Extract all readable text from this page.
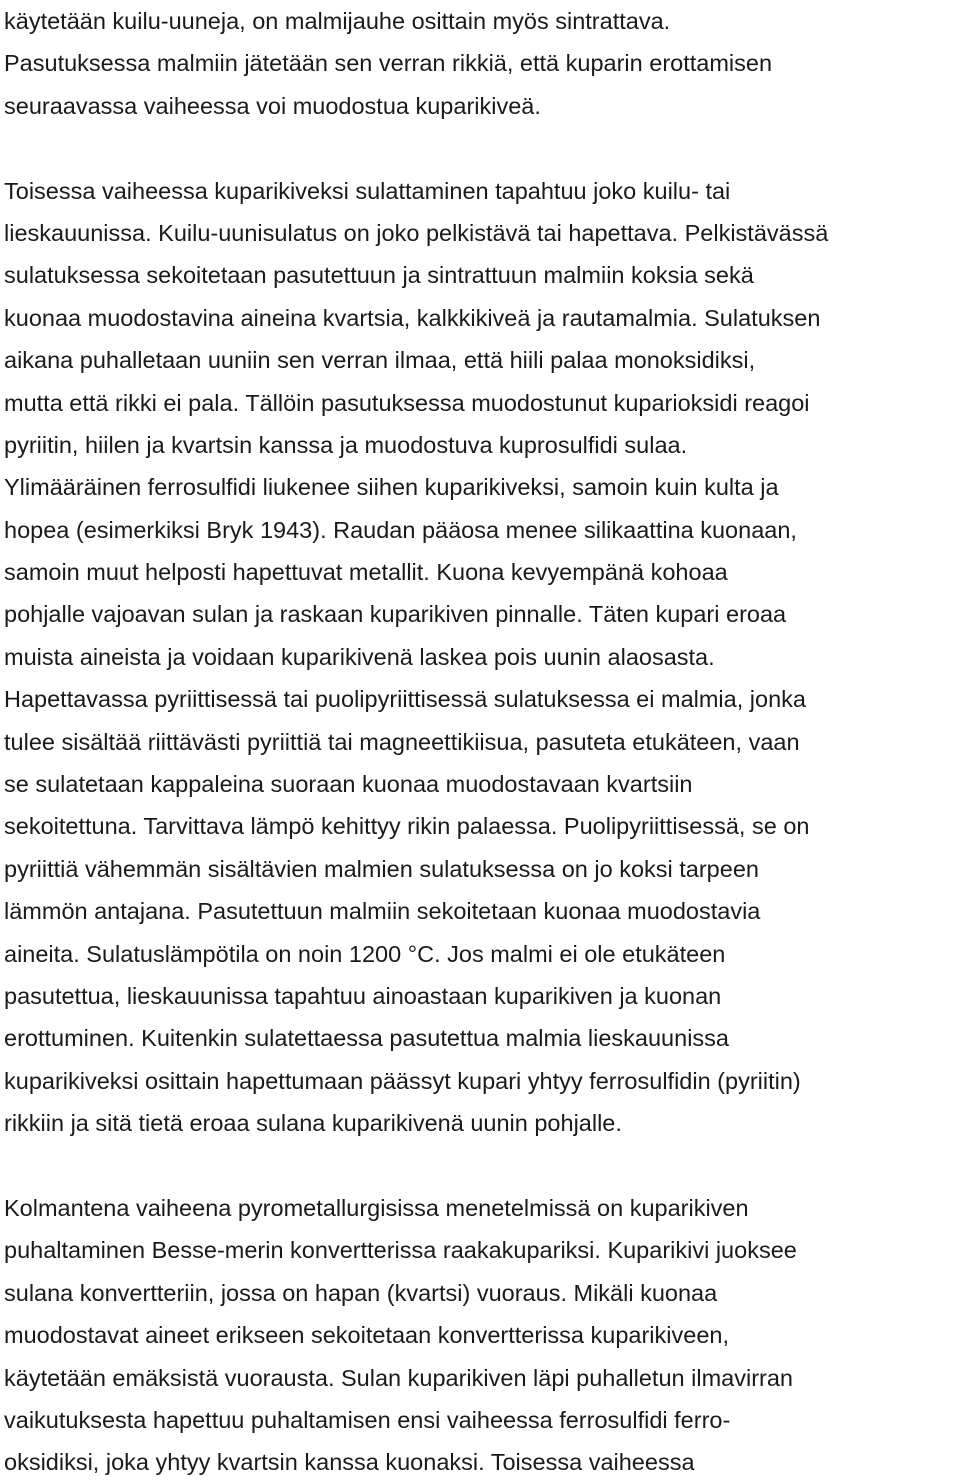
käytetään kuilu-uuneja, on malmijauhe osittain myös sintrattava.
Pasutuksessa malmiin jätetään sen verran rikkiä, että kuparin erottamisen
seuraavassa vaiheessa voi muodostua kuparikiveä.
Toisessa vaiheessa kuparikiveksi sulattaminen tapahtuu joko kuilu- tai
lieskauunissa. Kuilu-uunisulatus on joko pelkistävä tai hapettava. Pelkistävässä
sulatuksessa sekoitetaan pasutettuun ja sintrattuun malmiin koksia sekä
kuonaa muodostavina aineina kvartsia, kalkkikiveä ja rautamalmia. Sulatuksen
aikana puhalletaan uuniin sen verran ilmaa, että hiili palaa monoksidiksi,
mutta että rikki ei pala. Tällöin pasutuksessa muodostunut kuparioksidi reagoi
pyriitin, hiilen ja kvartsin kanssa ja muodostuva kuprosulfidi sulaa.
Ylimääräinen ferrosulfidi liukenee siihen kuparikiveksi, samoin kuin kulta ja
hopea (esimerkiksi Bryk 1943). Raudan pääosa menee silikaattina kuonaan,
samoin muut helposti hapettuvat metallit. Kuona kevyempänä kohoaa
pohjalle vajoavan sulan ja raskaan kuparikiven pinnalle. Täten kupari eroaa
muista aineista ja voidaan kuparikivenä laskea pois uunin alaosasta.
Hapettavassa pyriittisessä tai puolipyriittisessä sulatuksessa ei malmia, jonka
tulee sisältää riittävästi pyriittiä tai magneettikiisua, pasuteta etukäteen, vaan
se sulatetaan kappaleina suoraan kuonaa muodostavaan kvartsiin
sekoitettuna. Tarvittava lämpö kehittyy rikin palaessa. Puolipyriittisessä, se on
pyriittiä vähemmän sisältävien malmien sulatuksessa on jo koksi tarpeen
lämmön antajana. Pasutettuun malmiin sekoitetaan kuonaa muodostavia
aineita. Sulatuslämpötila on noin 1200 °C. Jos malmi ei ole etukäteen
pasutettua, lieskauunissa tapahtuu ainoastaan kuparikiven ja kuonan
erottuminen. Kuitenkin sulatettaessa pasutettua malmia lieskauunissa
kuparikiveksi osittain hapettumaan päässyt kupari yhtyy ferrosulfidin (pyriitin)
rikkiin ja sitä tietä eroaa sulana kuparikivenä uunin pohjalle.
Kolmantena vaiheena pyrometallurgisissa menetelmissä on kuparikiven
puhaltaminen Besse-merin konvertterissa raakakupariksi. Kuparikivi juoksee
sulana konvertteriin, jossa on hapan (kvartsi) vuoraus. Mikäli kuonaa
muodostavat aineet erikseen sekoitetaan konvertterissa kuparikiveen,
käytetään emäksistä vuorausta. Sulan kuparikiven läpi puhalletun ilmavirran
vaikutuksesta hapettuu puhaltamisen ensi vaiheessa ferrosulfidi ferro-
oksidiksi, joka yhtyy kvartsin kanssa kuonaksi. Toisessa vaiheessa
